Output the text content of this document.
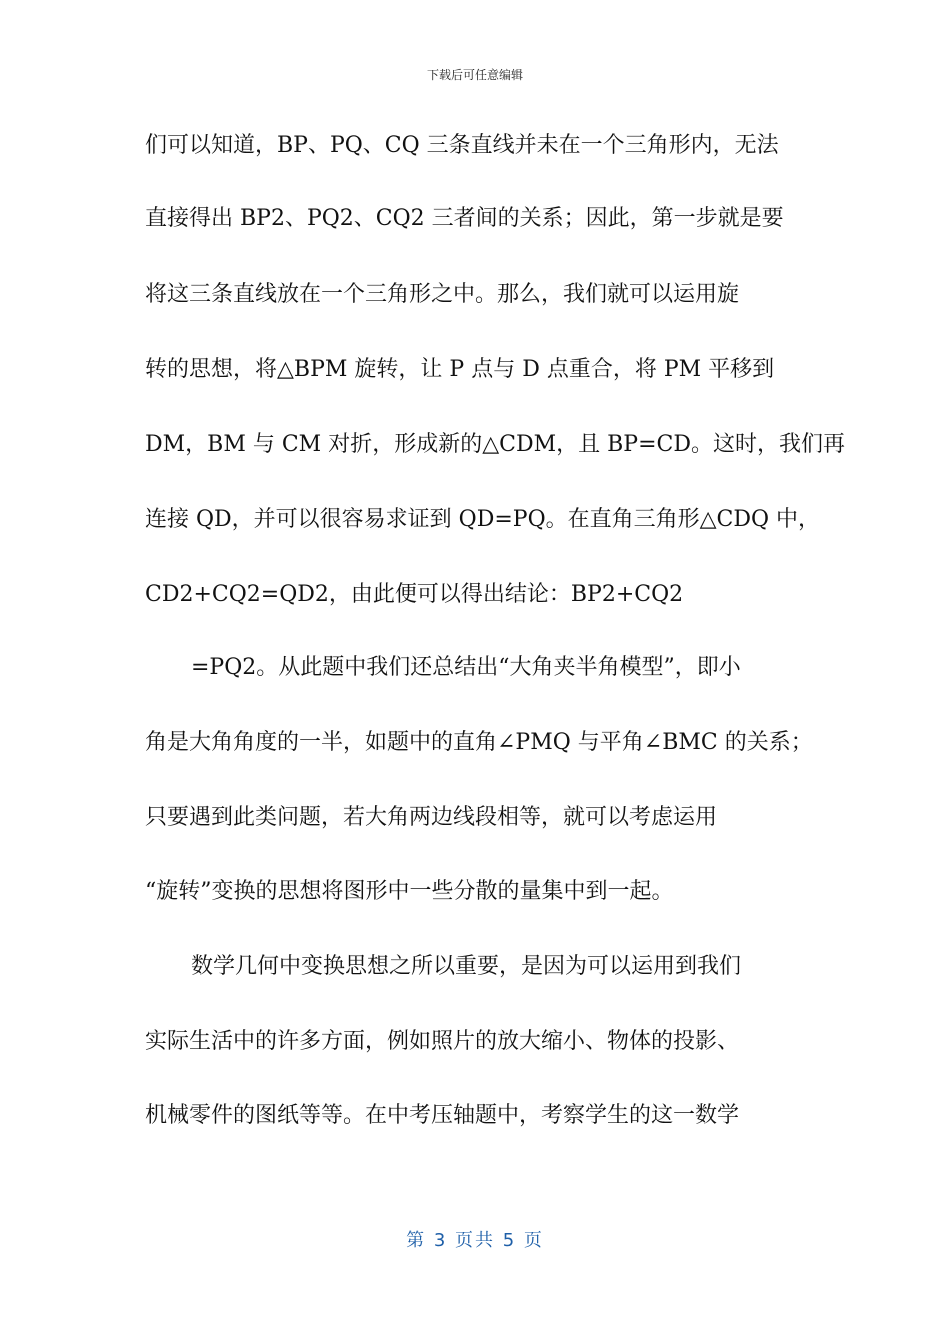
下载后可任意编辑
们可以知道，BP、PQ、CQ 三条直线并未在一个三角形内，无法
直接得出 BP2、PQ2、CQ2 三者间的关系；因此，第一步就是要
将这三条直线放在一个三角形之中。那么，我们就可以运用旋
转的思想，将△BPM 旋转，让 P 点与 D 点重合，将 PM 平移到
DM，BM 与 CM 对折，形成新的△CDM，且 BP=CD。这时，我们再
连接 QD，并可以很容易求证到 QD=PQ。在直角三角形△CDQ 中，
CD2+CQ2=QD2，由此便可以得出结论：BP2+CQ2
=PQ2。从此题中我们还总结出“大角夹半角模型”，即小
角是大角角度的一半，如题中的直角∠PMQ 与平角∠BMC 的关系；
只要遇到此类问题，若大角两边线段相等，就可以考虑运用
“旋转”变换的思想将图形中一些分散的量集中到一起。
数学几何中变换思想之所以重要，是因为可以运用到我们
实际生活中的许多方面，例如照片的放大缩小、物体的投影、
机械零件的图纸等等。在中考压轴题中，考察学生的这一数学
第 3 页共 5 页
